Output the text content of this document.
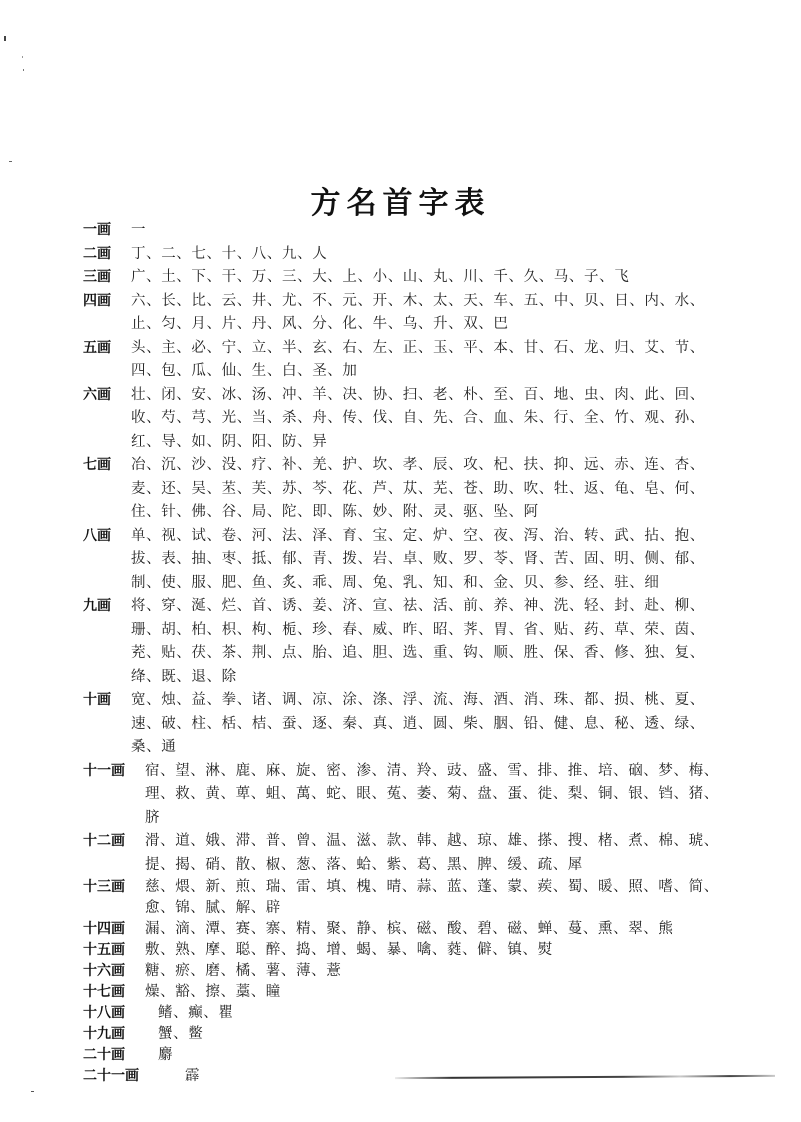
方名首字表
一画	一
二画	丁、二、七、十、八、九、人
三画	广、土、下、干、万、三、大、上、小、山、丸、川、千、久、马、子、飞
四画	六、长、比、云、井、尤、不、元、开、木、太、天、车、五、中、贝、日、内、水、止、匀、月、片、丹、风、分、化、牛、乌、升、双、巴
五画	头、主、必、宁、立、半、玄、右、左、正、玉、平、本、甘、石、龙、归、艾、节、四、包、瓜、仙、生、白、圣、加
六画	壮、闭、安、冰、汤、冲、羊、决、协、扫、老、朴、至、百、地、虫、肉、此、回、收、芍、芎、光、当、杀、舟、传、伐、自、先、合、血、朱、行、全、竹、观、孙、红、导、如、阴、阳、防、异
七画	冶、沉、沙、没、疗、补、羌、护、坎、孝、辰、攻、杞、扶、抑、远、赤、连、杏、麦、还、吴、苤、芙、苏、芩、花、芦、苁、芜、苍、助、吹、牡、返、龟、皂、何、住、针、佛、谷、局、陀、即、陈、妙、附、灵、驱、坠、阿
八画	单、视、试、卷、河、法、泽、育、宝、定、炉、空、夜、泻、治、转、武、拈、抱、拔、表、抽、枣、抵、郁、青、拨、岩、卓、败、罗、苓、肾、苦、固、明、侧、郁、制、使、服、肥、鱼、炙、乖、周、兔、乳、知、和、金、贝、参、经、驻、细
九画	将、穿、涎、烂、首、诱、姜、济、宣、祛、活、前、养、神、洗、轻、封、赴、柳、珊、胡、柏、枳、枸、栀、珍、春、威、昨、昭、荠、胃、省、贴、药、草、荣、茵、茺、贴、茯、茶、荆、点、胎、追、胆、选、重、钩、顺、胜、保、香、修、独、复、绛、既、退、除
十画	宽、烛、益、拳、诸、调、凉、涂、涤、浮、流、海、酒、消、珠、都、损、桃、夏、速、破、柱、栝、桔、蚕、逐、秦、真、逍、圆、柴、胭、铅、健、息、秘、透、绿、桑、通
十一画	宿、望、淋、鹿、麻、旋、密、渗、清、羚、豉、盛、雪、排、推、培、硇、梦、梅、理、救、黄、萆、蛆、萬、蛇、眼、菟、萎、菊、盘、蛋、徙、梨、铜、银、铛、猪、脐
十二画	滑、道、娥、滞、普、曾、温、滋、款、韩、越、琼、雄、搽、搜、楮、煮、棉、琥、提、揭、硝、散、椒、葱、落、蛤、紫、葛、黑、脾、缓、疏、犀
十三画	慈、煨、新、煎、瑞、雷、填、槐、晴、蒜、蓝、蓬、蒙、蒺、蜀、暖、照、嗜、简、愈、锦、腻、解、辟
十四画	漏、滴、潭、赛、寨、精、聚、静、槟、磁、酸、碧、磁、蝉、蔓、熏、翠、熊
十五画	敷、熟、摩、聪、醉、捣、增、蝎、暴、噙、蕤、僻、镇、熨
十六画	糖、瘀、磨、橘、薯、薄、薏
十七画	燥、豁、擦、藁、瞳
十八画	鳍、癫、瞿
十九画	蟹、鳖
二十画	麝
二十一画	霹
